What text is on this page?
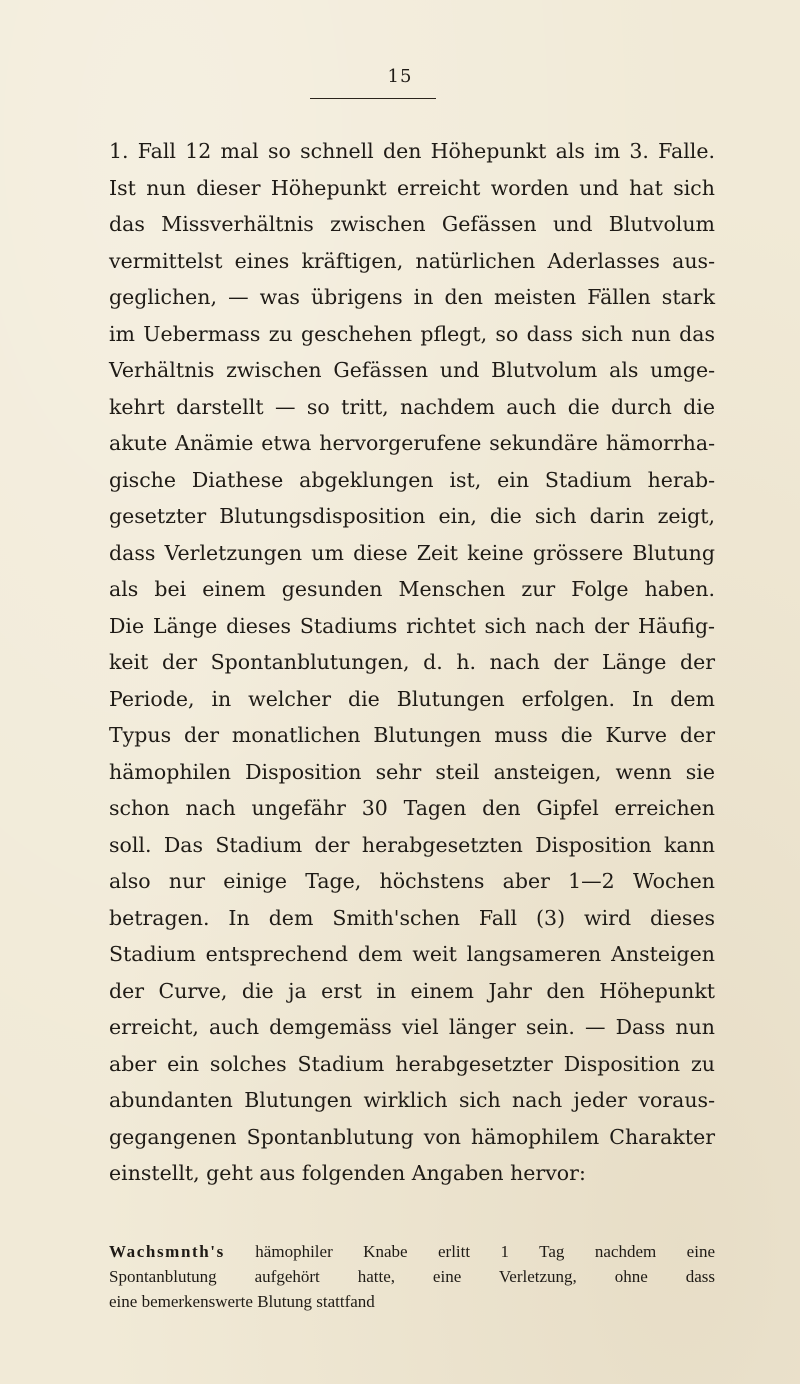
15
1. Fall 12 mal so schnell den Höhepunkt als im 3. Falle.
Ist nun dieser Höhepunkt erreicht worden und hat sich
das Missverhältnis zwischen Gefässen und Blutvolum
vermittelst eines kräftigen, natürlichen Aderlasses aus-
geglichen, — was übrigens in den meisten Fällen stark
im Uebermass zu geschehen pflegt, so dass sich nun das
Verhältnis zwischen Gefässen und Blutvolum als umge-
kehrt darstellt — so tritt, nachdem auch die durch die
akute Anämie etwa hervorgerufene sekundäre hämorrha-
gische Diathese abgeklungen ist, ein Stadium herab-
gesetzter Blutungsdisposition ein, die sich darin zeigt,
dass Verletzungen um diese Zeit keine grössere Blutung
als bei einem gesunden Menschen zur Folge haben.
Die Länge dieses Stadiums richtet sich nach der Häufig-
keit der Spontanblutungen, d. h. nach der Länge der
Periode, in welcher die Blutungen erfolgen. In dem
Typus der monatlichen Blutungen muss die Kurve der
hämophilen Disposition sehr steil ansteigen, wenn sie
schon nach ungefähr 30 Tagen den Gipfel erreichen
soll. Das Stadium der herabgesetzten Disposition kann
also nur einige Tage, höchstens aber 1—2 Wochen
betragen. In dem Smith'schen Fall (3) wird dieses
Stadium entsprechend dem weit langsameren Ansteigen
der Curve, die ja erst in einem Jahr den Höhepunkt
erreicht, auch demgemäss viel länger sein. — Dass nun
aber ein solches Stadium herabgesetzter Disposition zu
abundanten Blutungen wirklich sich nach jeder voraus-
gegangenen Spontanblutung von hämophilem Charakter
einstellt, geht aus folgenden Angaben hervor:
Wachsmnth's hämophiler Knabe erlitt 1 Tag nachdem eine
Spontanblutung aufgehört hatte, eine Verletzung, ohne dass
eine bemerkenswerte Blutung stattfand
